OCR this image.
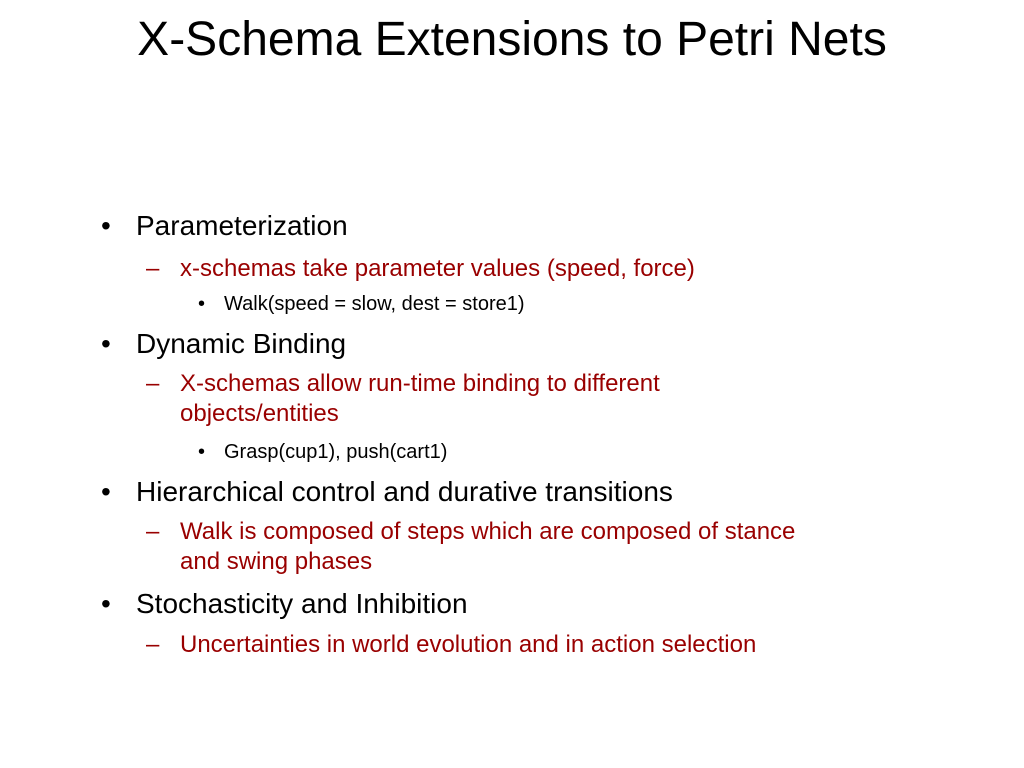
X-Schema Extensions to Petri Nets
• Parameterization
– x-schemas take parameter values (speed, force)
• Walk(speed = slow, dest = store1)
• Dynamic Binding
– X-schemas allow run-time binding to different objects/entities
• Grasp(cup1), push(cart1)
• Hierarchical control and durative transitions
– Walk is composed of steps which are composed of stance and swing phases
• Stochasticity and Inhibition
– Uncertainties in world evolution and in action selection
